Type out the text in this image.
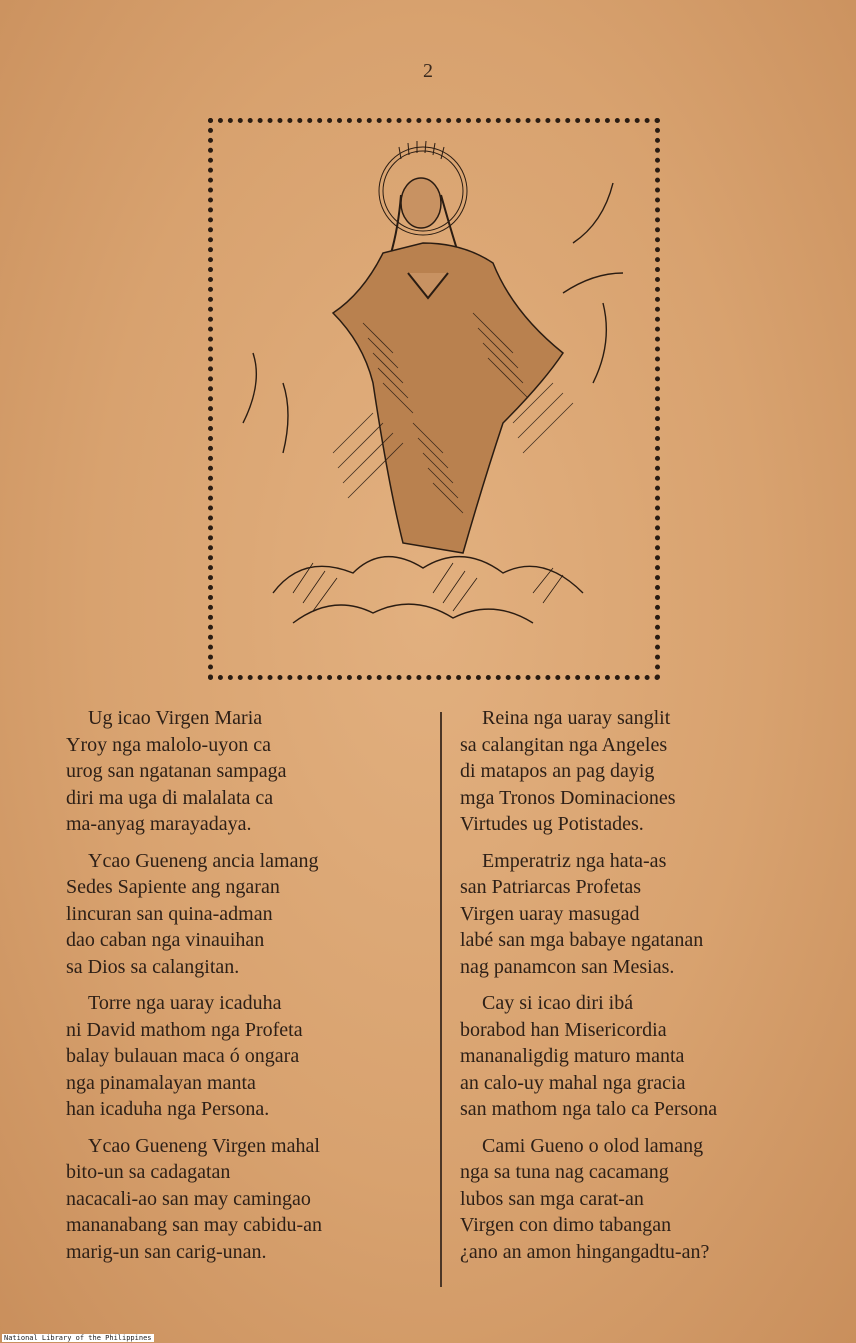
2
Ug icao Virgen Maria
Yroy nga malolo-uyon ca
urog san ngatanan sampaga
diri ma uga di malalata ca
ma-anyag marayadaya.
Ycao Gueneng ancia lamang
Sedes Sapiente ang ngaran
lincuran san quina-adman
dao caban nga vinauihan
sa Dios sa calangitan.
Torre nga uaray icaduha
ni David mathom nga Profeta
balay bulauan maca ó ongara
nga pinamalayan manta
han icaduha nga Persona.
Ycao Gueneng Virgen mahal
bito-un sa cadagatan
nacacali-ao san may camingao
mananabang san may cabidu-an
marig-un san carig-unan.
Reina nga uaray sanglit
sa calangitan nga Angeles
di matapos an pag dayig
mga Tronos Dominaciones
Virtudes ug Potistades.
Emperatriz nga hata-as
san Patriarcas Profetas
Virgen uaray masugad
labé san mga babaye ngatanan
nag panamcon san Mesias.
Cay si icao diri ibá
borabod han Misericordia
mananaligdig maturo manta
an calo-uy mahal nga gracia
san mathom nga talo ca Persona
Cami Gueno o olod lamang
nga sa tuna nag cacamang
lubos san mga carat-an
Virgen con dimo tabangan
¿ano an amon hingangadtu-an?
National Library of the Philippines
